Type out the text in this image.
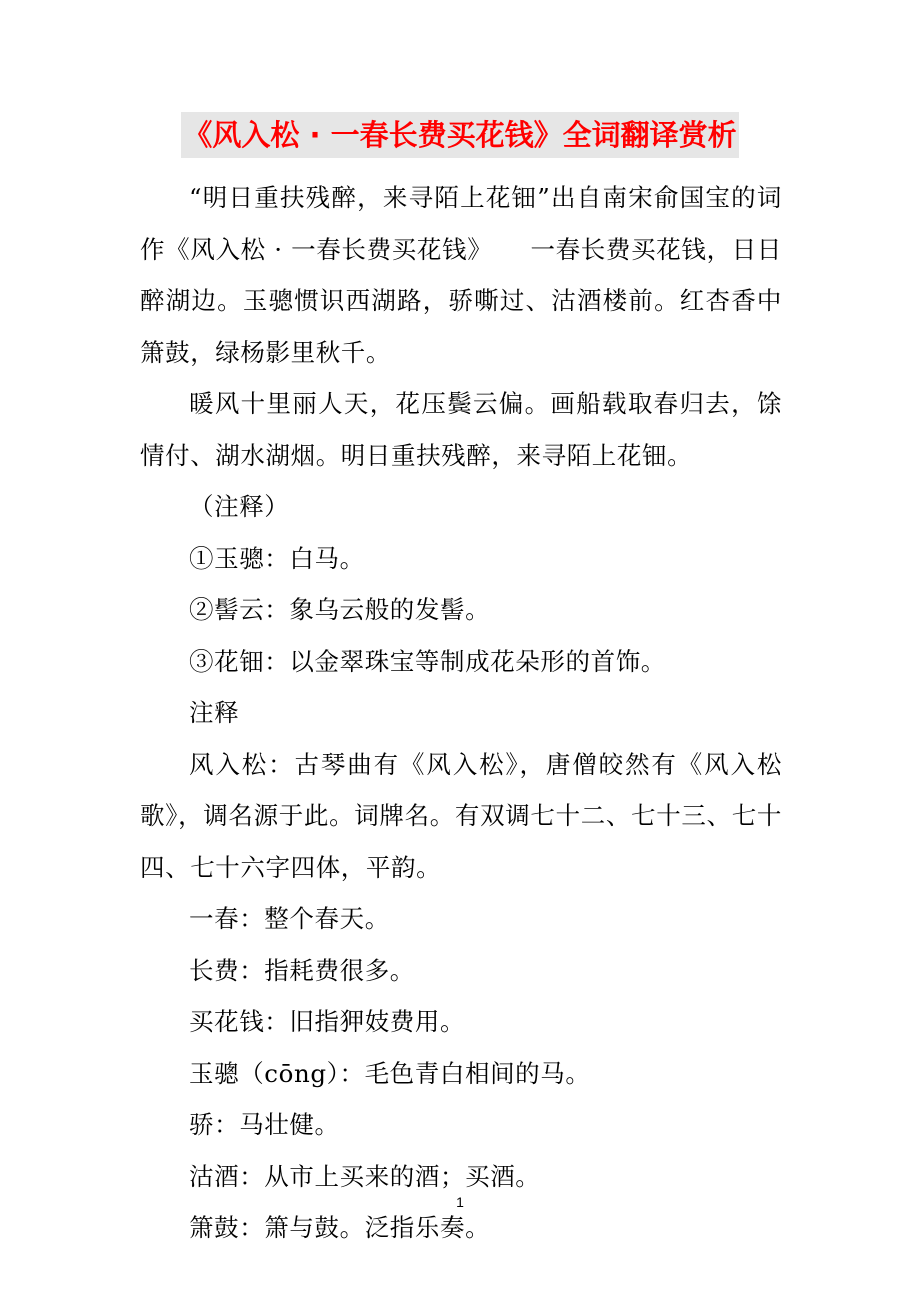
《风入松 · 一春长费买花钱》全词翻译赏析

“明日重扶残醉，来寻陌上花钿”出自南宋俞国宝的词作《风入松 · 一春长费买花钱》　　一春长费买花钱，日日醉湖边。玉骢惯识西湖路，骄嘶过、沽酒楼前。红杏香中箫鼓，绿杨影里秋千。

暖风十里丽人天，花压鬓云偏。画船载取春归去，馀情付、湖水湖烟。明日重扶残醉，来寻陌上花钿。

（注释）

①玉骢：白马。

②髻云：象乌云般的发髻。

③花钿：以金翠珠宝等制成花朵形的首饰。

注释

风入松：古琴曲有《风入松》，唐僧皎然有《风入松歌》，调名源于此。词牌名。有双调七十二、七十三、七十四、七十六字四体，平韵。

一春：整个春天。

长费：指耗费很多。

买花钱：旧指狎妓费用。

玉骢（cōng）：毛色青白相间的马。

骄：马壮健。

沽酒：从市上买来的酒；买酒。

箫鼓：箫与鼓。泛指乐奏。

1
